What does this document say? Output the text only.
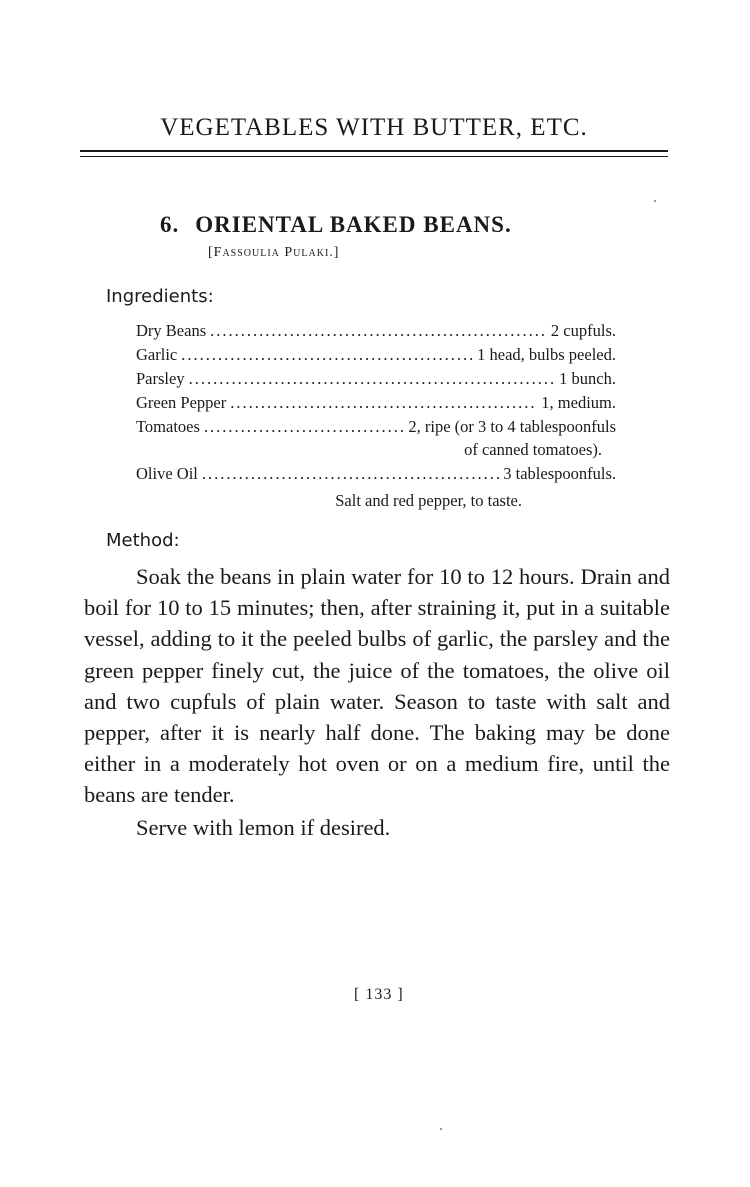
VEGETABLES WITH BUTTER, ETC.
6. ORIENTAL BAKED BEANS.
[Fassoulia Pulaki.]
Ingredients:
Dry Beans .....	2 cupfuls.
Garlic .....	1 head, bulbs peeled.
Parsley .....	1 bunch.
Green Pepper .....	1, medium.
Tomatoes .....	2, ripe (or 3 to 4 tablespoonfuls
of canned tomatoes).
Olive Oil .....	3 tablespoonfuls.
Salt and red pepper, to taste.
Method:

Soak the beans in plain water for 10 to 12 hours. Drain and boil for 10 to 15 minutes; then, after straining it, put in a suitable vessel, adding to it the peeled bulbs of garlic, the parsley and the green pepper finely cut, the juice of the tomatoes, the olive oil and two cupfuls of plain water. Season to taste with salt and pepper, after it is nearly half done. The baking may be done either in a moderately hot oven or on a medium fire, until the beans are tender.

Serve with lemon if desired.

[ 133 ]
